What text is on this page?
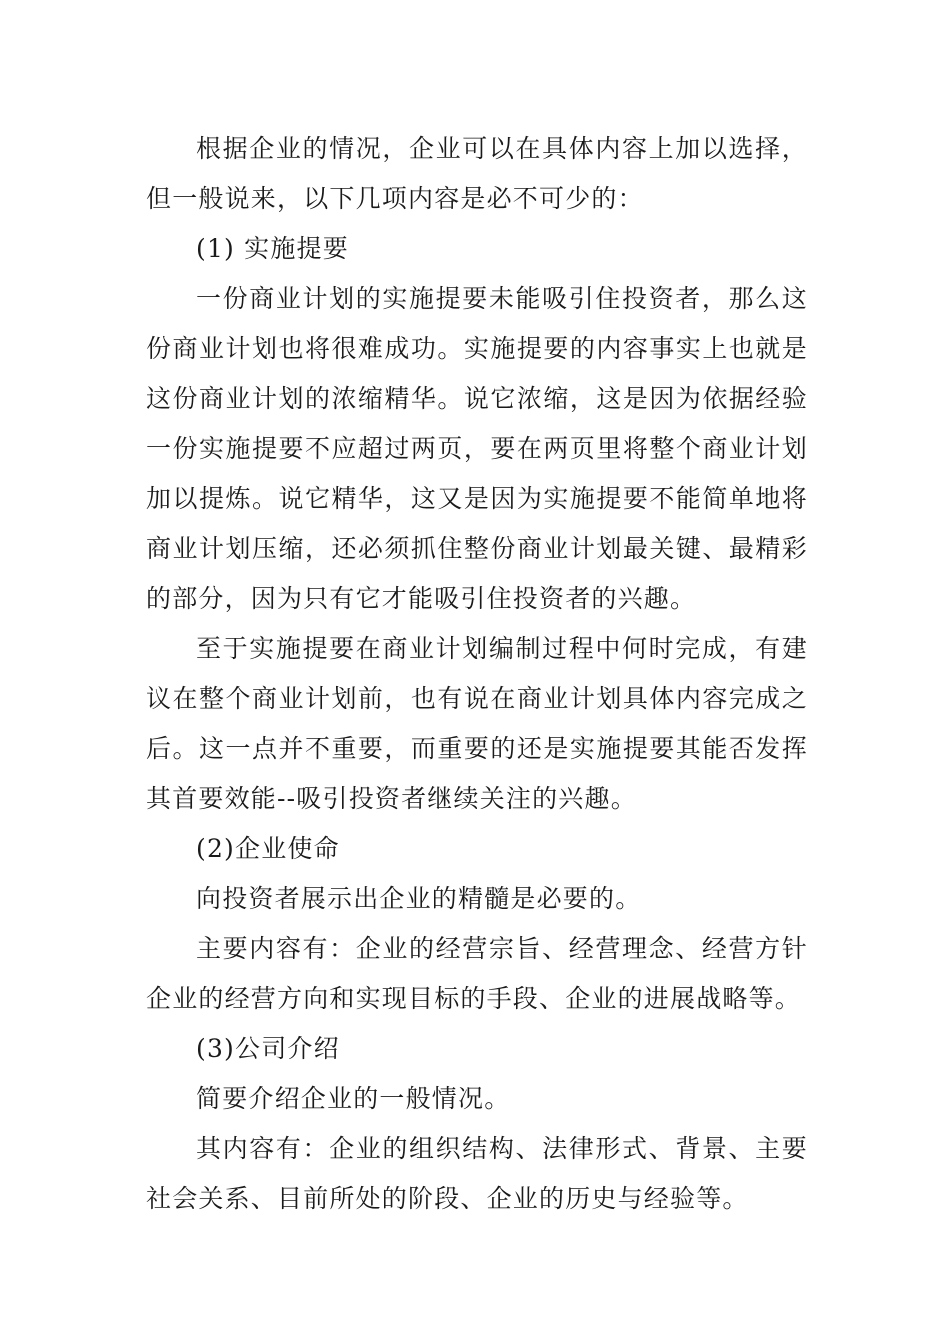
根据企业的情况，企业可以在具体内容上加以选择，但一般说来，以下几项内容是必不可少的：

(1) 实施提要

一份商业计划的实施提要未能吸引住投资者，那么这份商业计划也将很难成功。实施提要的内容事实上也就是这份商业计划的浓缩精华。说它浓缩，这是因为依据经验一份实施提要不应超过两页，要在两页里将整个商业计划加以提炼。说它精华，这又是因为实施提要不能简单地将商业计划压缩，还必须抓住整份商业计划最关键、最精彩的部分，因为只有它才能吸引住投资者的兴趣。

至于实施提要在商业计划编制过程中何时完成，有建议在整个商业计划前，也有说在商业计划具体内容完成之后。这一点并不重要，而重要的还是实施提要其能否发挥其首要效能--吸引投资者继续关注的兴趣。

(2)企业使命

向投资者展示出企业的精髓是必要的。

主要内容有：企业的经营宗旨、经营理念、经营方针企业的经营方向和实现目标的手段、企业的进展战略等。

(3)公司介绍

简要介绍企业的一般情况。

其内容有：企业的组织结构、法律形式、背景、主要社会关系、目前所处的阶段、企业的历史与经验等。
